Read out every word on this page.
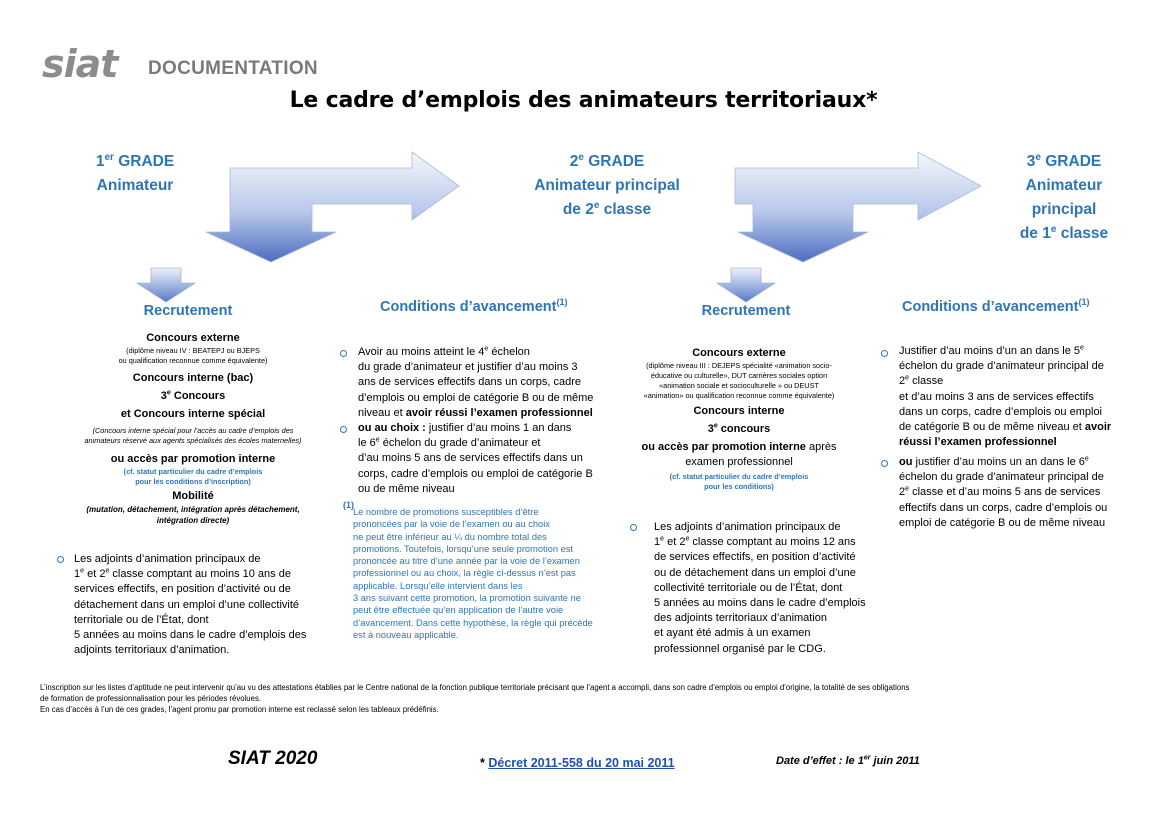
siat DOCUMENTATION
Le cadre d’emplois des animateurs territoriaux*
1er GRADE
Animateur
2e GRADE
Animateur principal
de 2e classe
3e GRADE
Animateur
principal
de 1e classe
Recrutement	Conditions d’avancement$^{(1)}$
Recrutement	Conditions d’avancement$^{(1)}$
Concours externe
(diplôme niveau IV : BEATEPJ ou BJEPS
ou qualification reconnue comme équivalente)
Concours interne (bac)
3e Concours
et Concours interne spécial
(Concours interne spécial pour l’accès au cadre d’emplois des
animateurs réservé aux agents spécialisés des écoles maternelles)
ou accès par promotion interne
(cf. statut particulier du cadre d’emplois
pour les conditions d’inscription)
Mobilité
(mutation, détachement, intégration après détachement,
intégration directe)
Les adjoints d’animation principaux de
1e et 2e classe comptant au moins 10 ans de
services effectifs, en position d’activité ou de
détachement dans un emploi d’une collectivité
territoriale ou de l’État, dont
5 années au moins dans le cadre d’emplois des
adjoints territoriaux d’animation.
Avoir au moins atteint le 4e échelon
du grade d’animateur et justifier d’au moins 3
ans de services effectifs dans un corps, cadre
d’emplois ou emploi de catégorie B ou de même
niveau et avoir réussi l’examen professionnel
ou au choix : justifier d’au moins 1 an dans
le 6e échelon du grade d’animateur et
d’au moins 5 ans de services effectifs dans un
corps, cadre d’emplois ou emploi de catégorie B
ou de même niveau
(1)
Le nombre de promotions susceptibles d’être
prononcées par la voie de l’examen ou au choix
ne peut être inférieur au ¼ du nombre total des
promotions. Toutefois, lorsqu’une seule promotion est
prononcée au titre d’une année par la voie de l’examen
professionnel ou au choix, la règle ci-dessus n’est pas
applicable. Lorsqu’elle intervient dans les
3 ans suivant cette promotion, la promotion suivante ne
peut être effectuée qu’en application de l’autre voie
d’avancement. Dans cette hypothèse, la règle qui précède
est à nouveau applicable.
Concours externe
(diplôme niveau III : DEJEPS spécialité «animation socio-
éducative ou culturelle», DUT carrières sociales option
«animation sociale et socioculturelle » ou DEUST
«animation» ou qualification reconnue comme équivalente)
Concours interne
3e concours
ou accès par promotion interne après
examen professionnel
(cf. statut particulier du cadre d’emplois
pour les conditions)
Les adjoints d’animation principaux de
1e et 2e classe comptant au moins 12 ans
de services effectifs, en position d’activité
ou de détachement dans un emploi d’une
collectivité territoriale ou de l’État, dont
5 années au moins dans le cadre d’emplois
des adjoints territoriaux d’animation
et ayant été admis à un examen
professionnel organisé par le CDG.
Justifier d’au moins d’un an dans le 5e
échelon du grade d’animateur principal de
2e classe
et d’au moins 3 ans de services effectifs
dans un corps, cadre d’emplois ou emploi
de catégorie B ou de même niveau et avoir
réussi l’examen professionnel
ou justifier d’au moins un an dans le 6e
échelon du grade d’animateur principal de
2e classe et d’au moins 5 ans de services
effectifs dans un corps, cadre d’emplois ou
emploi de catégorie B ou de même niveau
L’inscription sur les listes d’aptitude ne peut intervenir qu’au vu des attestations établies par le Centre national de la fonction publique territoriale précisant que l’agent a accompli, dans son cadre d’emplois ou emploi d’origine, la totalité de ses obligations
de formation de professionnalisation pour les périodes révolues.
En cas d’accès à l’un de ces grades, l’agent promu par promotion interne est reclassé selon les tableaux prédéfinis.
SIAT 2020	* Décret 2011-558 du 20 mai 2011	Date d’effet : le 1er juin 2011
